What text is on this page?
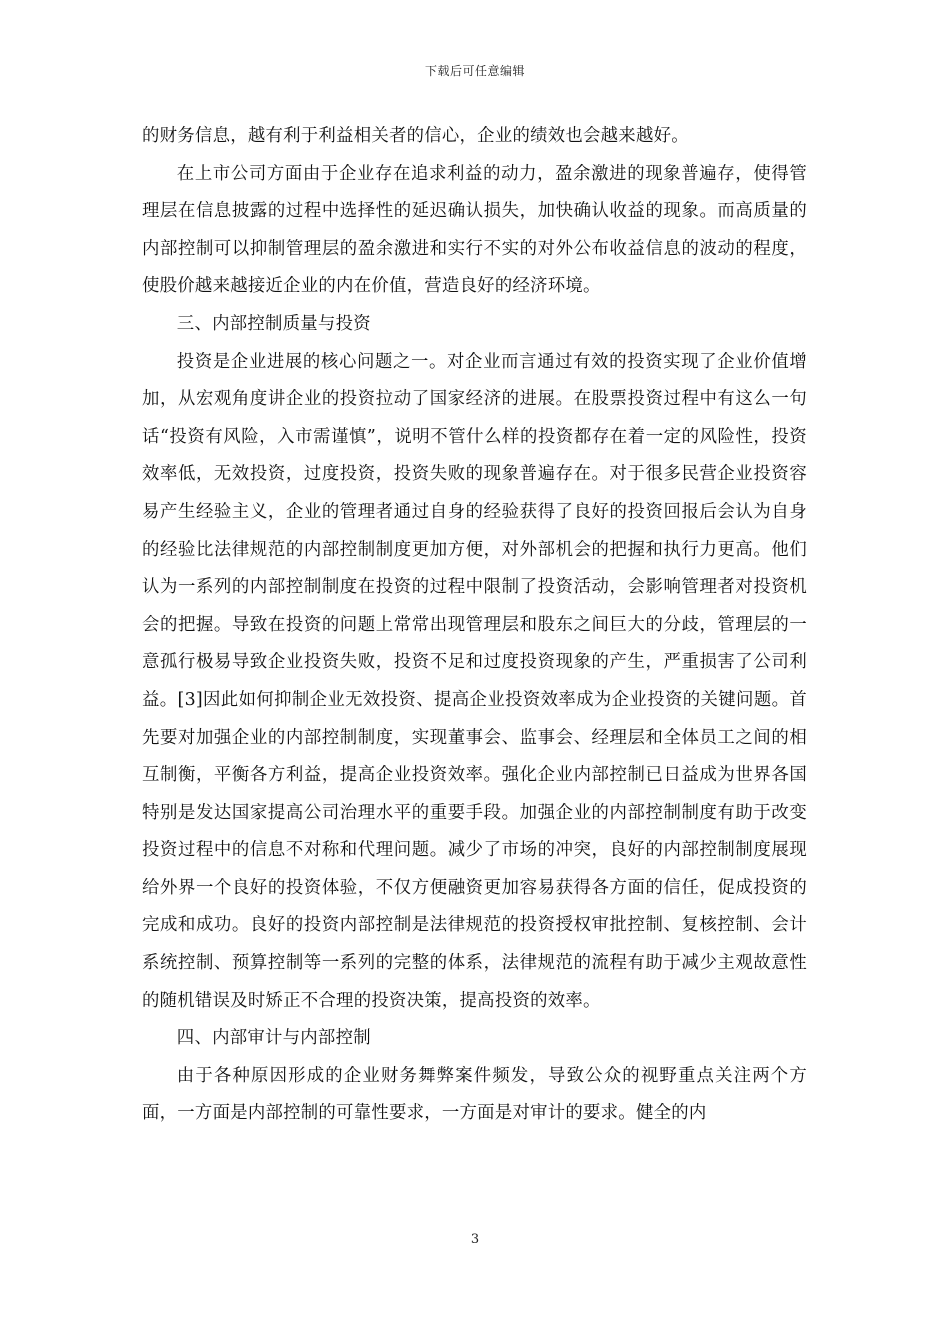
下载后可任意编辑

的财务信息，越有利于利益相关者的信心，企业的绩效也会越来越好。

在上市公司方面由于企业存在追求利益的动力，盈余激进的现象普遍存，使得管理层在信息披露的过程中选择性的延迟确认损失，加快确认收益的现象。而高质量的内部控制可以抑制管理层的盈余激进和实行不实的对外公布收益信息的波动的程度，使股价越来越接近企业的内在价值，营造良好的经济环境。

三、内部控制质量与投资

投资是企业进展的核心问题之一。对企业而言通过有效的投资实现了企业价值增加，从宏观角度讲企业的投资拉动了国家经济的进展。在股票投资过程中有这么一句话“投资有风险，入市需谨慎”，说明不管什么样的投资都存在着一定的风险性，投资效率低，无效投资，过度投资，投资失败的现象普遍存在。对于很多民营企业投资容易产生经验主义，企业的管理者通过自身的经验获得了良好的投资回报后会认为自身的经验比法律规范的内部控制制度更加方便，对外部机会的把握和执行力更高。他们认为一系列的内部控制制度在投资的过程中限制了投资活动，会影响管理者对投资机会的把握。导致在投资的问题上常常出现管理层和股东之间巨大的分歧，管理层的一意孤行极易导致企业投资失败，投资不足和过度投资现象的产生，严重损害了公司利益。[3]因此如何抑制企业无效投资、提高企业投资效率成为企业投资的关键问题。首先要对加强企业的内部控制制度，实现董事会、监事会、经理层和全体员工之间的相互制衡，平衡各方利益，提高企业投资效率。强化企业内部控制已日益成为世界各国特别是发达国家提高公司治理水平的重要手段。加强企业的内部控制制度有助于改变投资过程中的信息不对称和代理问题。减少了市场的冲突，良好的内部控制制度展现给外界一个良好的投资体验，不仅方便融资更加容易获得各方面的信任，促成投资的完成和成功。良好的投资内部控制是法律规范的投资授权审批控制、复核控制、会计系统控制、预算控制等一系列的完整的体系，法律规范的流程有助于减少主观故意性的随机错误及时矫正不合理的投资决策，提高投资的效率。

四、内部审计与内部控制

由于各种原因形成的企业财务舞弊案件频发，导致公众的视野重点关注两个方面，一方面是内部控制的可靠性要求，一方面是对审计的要求。健全的内

3
